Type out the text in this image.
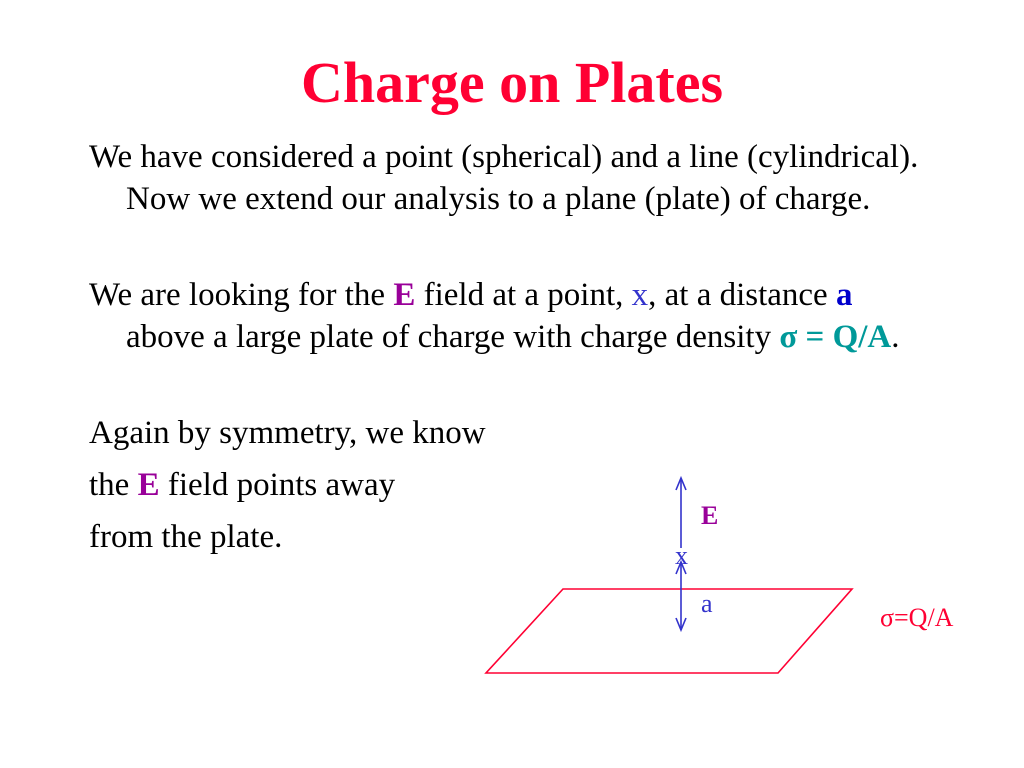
Charge on Plates

We have considered a point (spherical) and a line (cylindrical). Now we extend our analysis to a plane (plate) of charge.

We are looking for the E field at a point, x, at a distance a above a large plate of charge with charge density σ = Q/A.

Again by symmetry, we know

the E field points away

from the plate.

E
x
a	σ=Q/A
